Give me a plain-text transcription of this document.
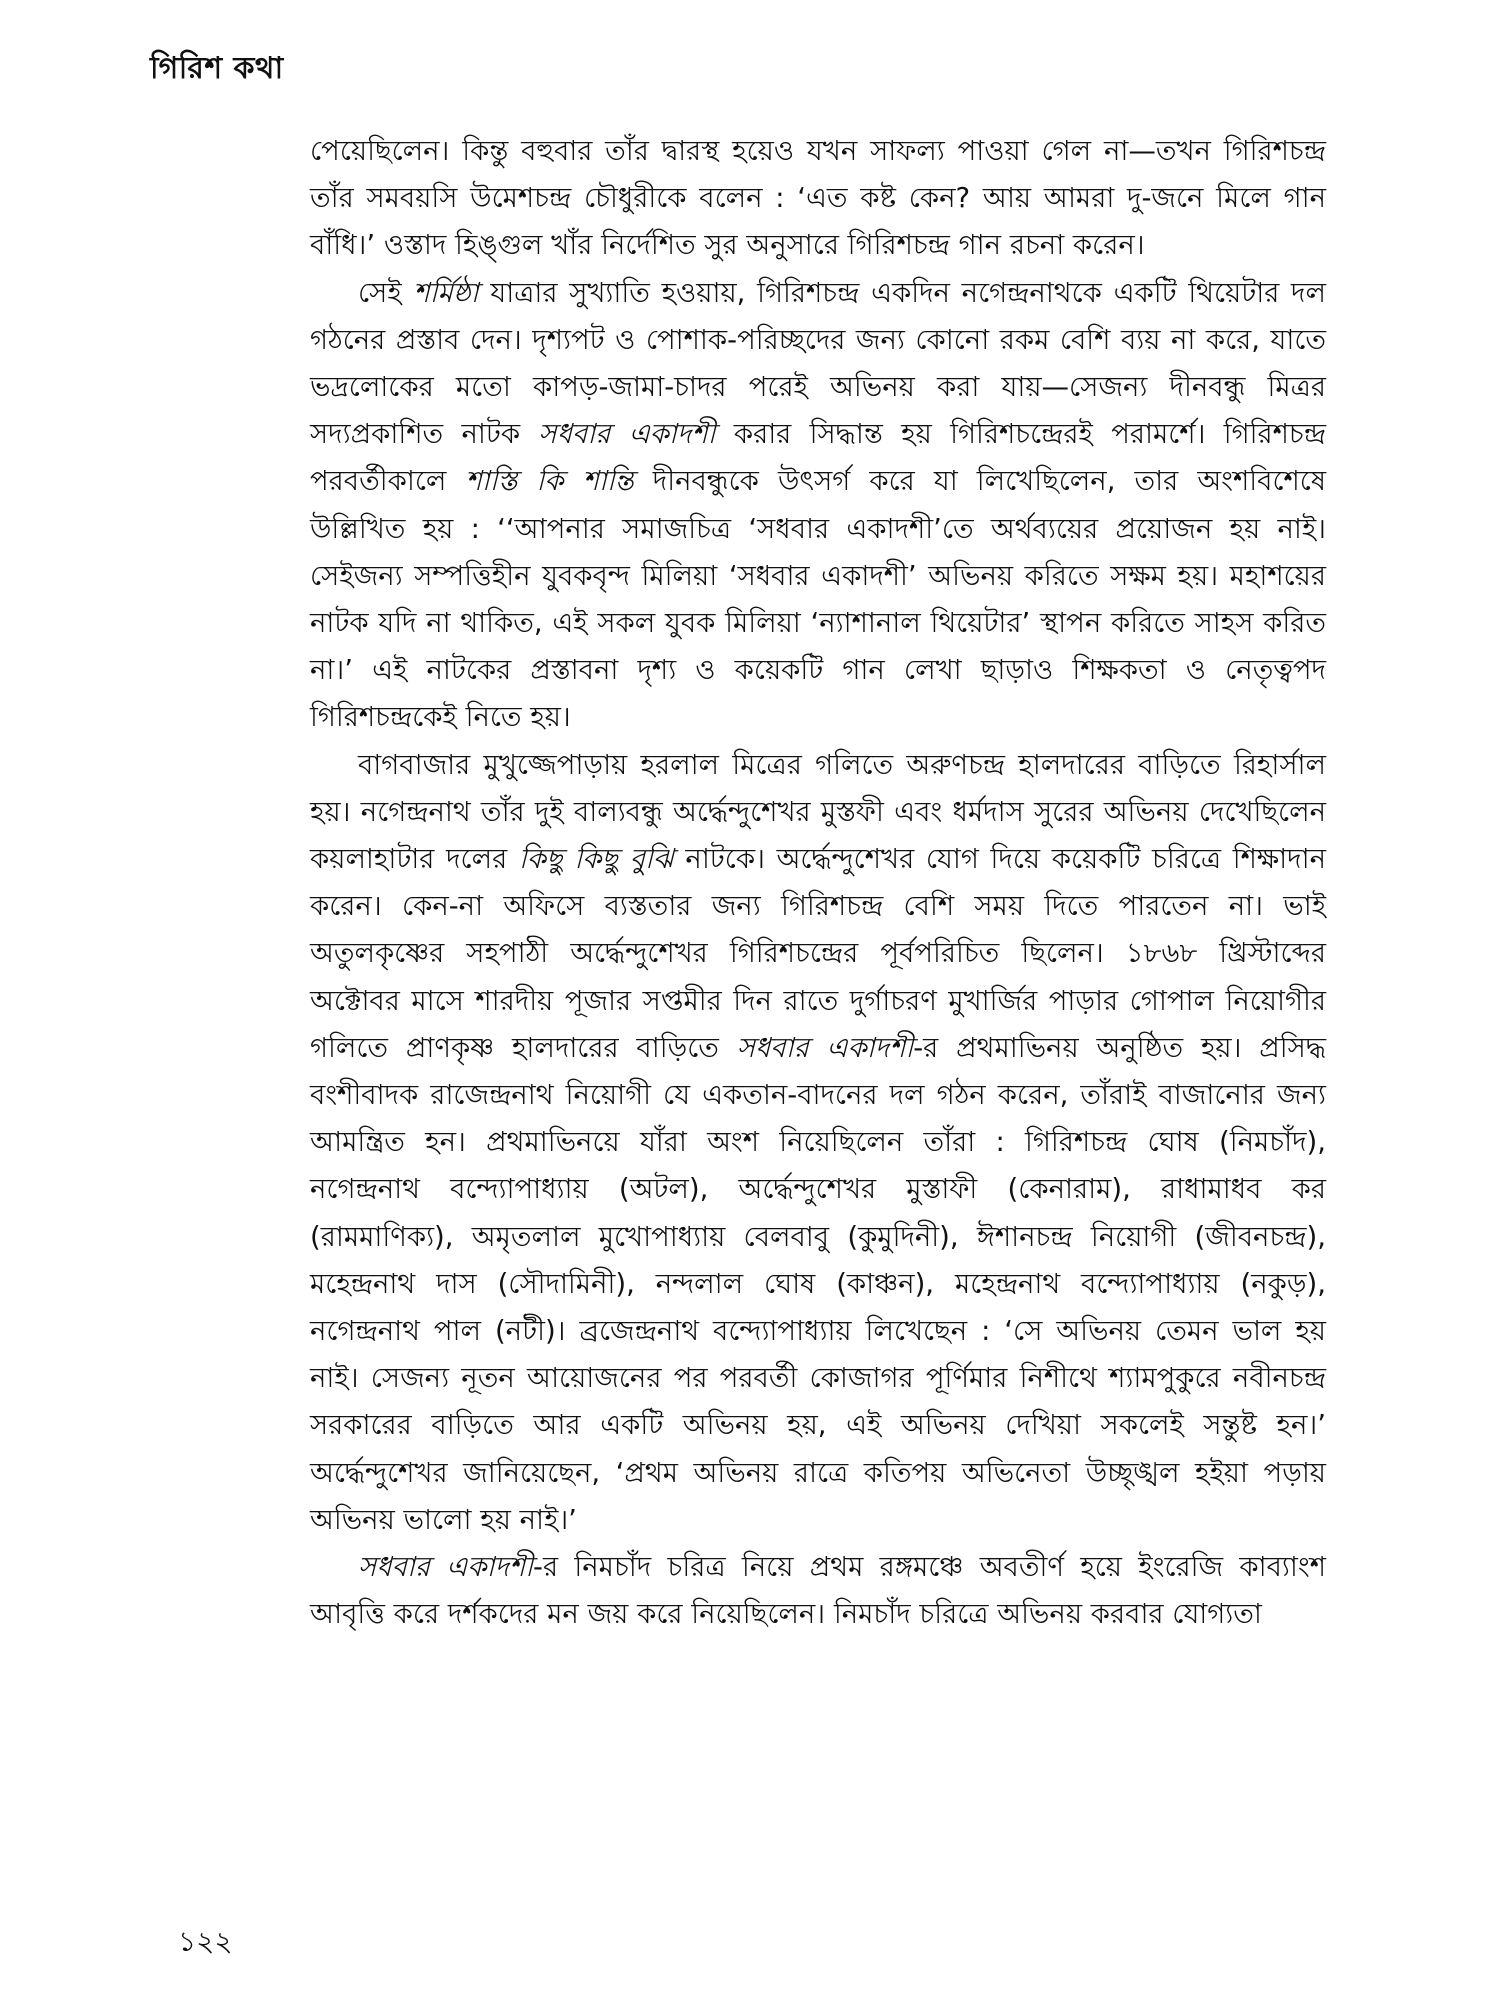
গিরিশ কথা

পেয়েছিলেন। কিন্তু বহুবার তাঁর দ্বারস্থ হয়েও যখন সাফল্য পাওয়া গেল না—তখন গিরিশচন্দ্র তাঁর সমবয়সি উমেশচন্দ্র চৌধুরীকে বলেন : ‘এত কষ্ট কেন? আয় আমরা দু-জনে মিলে গান বাঁধি।’ ওস্তাদ হিঙ্গুল খাঁর নির্দেশিত সুর অনুসারে গিরিশচন্দ্র গান রচনা করেন।

সেই শর্মিষ্ঠা যাত্রার সুখ্যাতি হওয়ায়, গিরিশচন্দ্র একদিন নগেন্দ্রনাথকে একটি থিয়েটার দল গঠনের প্রস্তাব দেন। দৃশ্যপট ও পোশাক-পরিচ্ছদের জন্য কোনো রকম বেশি ব্যয় না করে, যাতে ভদ্রলোকের মতো কাপড়-জামা-চাদর পরেই অভিনয় করা যায়—সেজন্য দীনবন্ধু মিত্রর সদ্যপ্রকাশিত নাটক সধবার একাদশী করার সিদ্ধান্ত হয় গিরিশচন্দ্রেরই পরামর্শে। গিরিশচন্দ্র পরবর্তীকালে শাস্তি কি শান্তি দীনবন্ধুকে উৎসর্গ করে যা লিখেছিলেন, তার অংশবিশেষে উল্লিখিত হয় : ‘‘আপনার সমাজচিত্র ‘সধবার একাদশী’তে অর্থব্যয়ের প্রয়োজন হয় নাই। সেইজন্য সম্পত্তিহীন যুবকবৃন্দ মিলিয়া ‘সধবার একাদশী’ অভিনয় করিতে সক্ষম হয়। মহাশয়ের নাটক যদি না থাকিত, এই সকল যুবক মিলিয়া ‘ন্যাশানাল থিয়েটার’ স্থাপন করিতে সাহস করিত না।’ এই নাটকের প্রস্তাবনা দৃশ্য ও কয়েকটি গান লেখা ছাড়াও শিক্ষকতা ও নেতৃত্বপদ গিরিশচন্দ্রকেই নিতে হয়।

বাগবাজার মুখুজ্জেপাড়ায় হরলাল মিত্রের গলিতে অরুণচন্দ্র হালদারের বাড়িতে রিহার্সাল হয়। নগেন্দ্রনাথ তাঁর দুই বাল্যবন্ধু অর্দ্ধেন্দুশেখর মুস্তফী এবং ধর্মদাস সুরের অভিনয় দেখেছিলেন কয়লাহাটার দলের কিছু কিছু বুঝি নাটকে। অর্দ্ধেন্দুশেখর যোগ দিয়ে কয়েকটি চরিত্রে শিক্ষাদান করেন। কেন-না অফিসে ব্যস্ততার জন্য গিরিশচন্দ্র বেশি সময় দিতে পারতেন না। ভাই অতুলকৃষ্ণের সহপাঠী অর্দ্ধেন্দুশেখর গিরিশচন্দ্রের পূর্বপরিচিত ছিলেন। ১৮৬৮ খ্রিস্টাব্দের অক্টোবর মাসে শারদীয় পূজার সপ্তমীর দিন রাতে দুর্গাচরণ মুখার্জির পাড়ার গোপাল নিয়োগীর গলিতে প্রাণকৃষ্ণ হালদারের বাড়িতে সধবার একাদশী-র প্রথমাভিনয় অনুষ্ঠিত হয়। প্রসিদ্ধ বংশীবাদক রাজেন্দ্রনাথ নিয়োগী যে একতান-বাদনের দল গঠন করেন, তাঁরাই বাজানোর জন্য আমন্ত্রিত হন। প্রথমাভিনয়ে যাঁরা অংশ নিয়েছিলেন তাঁরা : গিরিশচন্দ্র ঘোষ (নিমচাঁদ), নগেন্দ্রনাথ বন্দ্যোপাধ্যায় (অটল), অর্দ্ধেন্দুশেখর মুস্তাফী (কেনারাম), রাধামাধব কর (রামমাণিক্য), অমৃতলাল মুখোপাধ্যায় বেলবাবু (কুমুদিনী), ঈশানচন্দ্র নিয়োগী (জীবনচন্দ্র), মহেন্দ্রনাথ দাস (সৌদামিনী), নন্দলাল ঘোষ (কাঞ্চন), মহেন্দ্রনাথ বন্দ্যোপাধ্যায় (নকুড়), নগেন্দ্রনাথ পাল (নটী)। ব্রজেন্দ্রনাথ বন্দ্যোপাধ্যায় লিখেছেন : ‘সে অভিনয় তেমন ভাল হয় নাই। সেজন্য নূতন আয়োজনের পর পরবর্তী কোজাগর পূর্ণিমার নিশীথে শ্যামপুকুরে নবীনচন্দ্র সরকারের বাড়িতে আর একটি অভিনয় হয়, এই অভিনয় দেখিয়া সকলেই সন্তুষ্ট হন।’ অর্দ্ধেন্দুশেখর জানিয়েছেন, ‘প্রথম অভিনয় রাত্রে কতিপয় অভিনেতা উচ্ছৃঙ্খল হইয়া পড়ায় অভিনয় ভালো হয় নাই।’

সধবার একাদশী-র নিমচাঁদ চরিত্র নিয়ে প্রথম রঙ্গমঞ্চে অবতীর্ণ হয়ে ইংরেজি কাব্যাংশ আবৃত্তি করে দর্শকদের মন জয় করে নিয়েছিলেন। নিমচাঁদ চরিত্রে অভিনয় করবার যোগ্যতা

১২২
